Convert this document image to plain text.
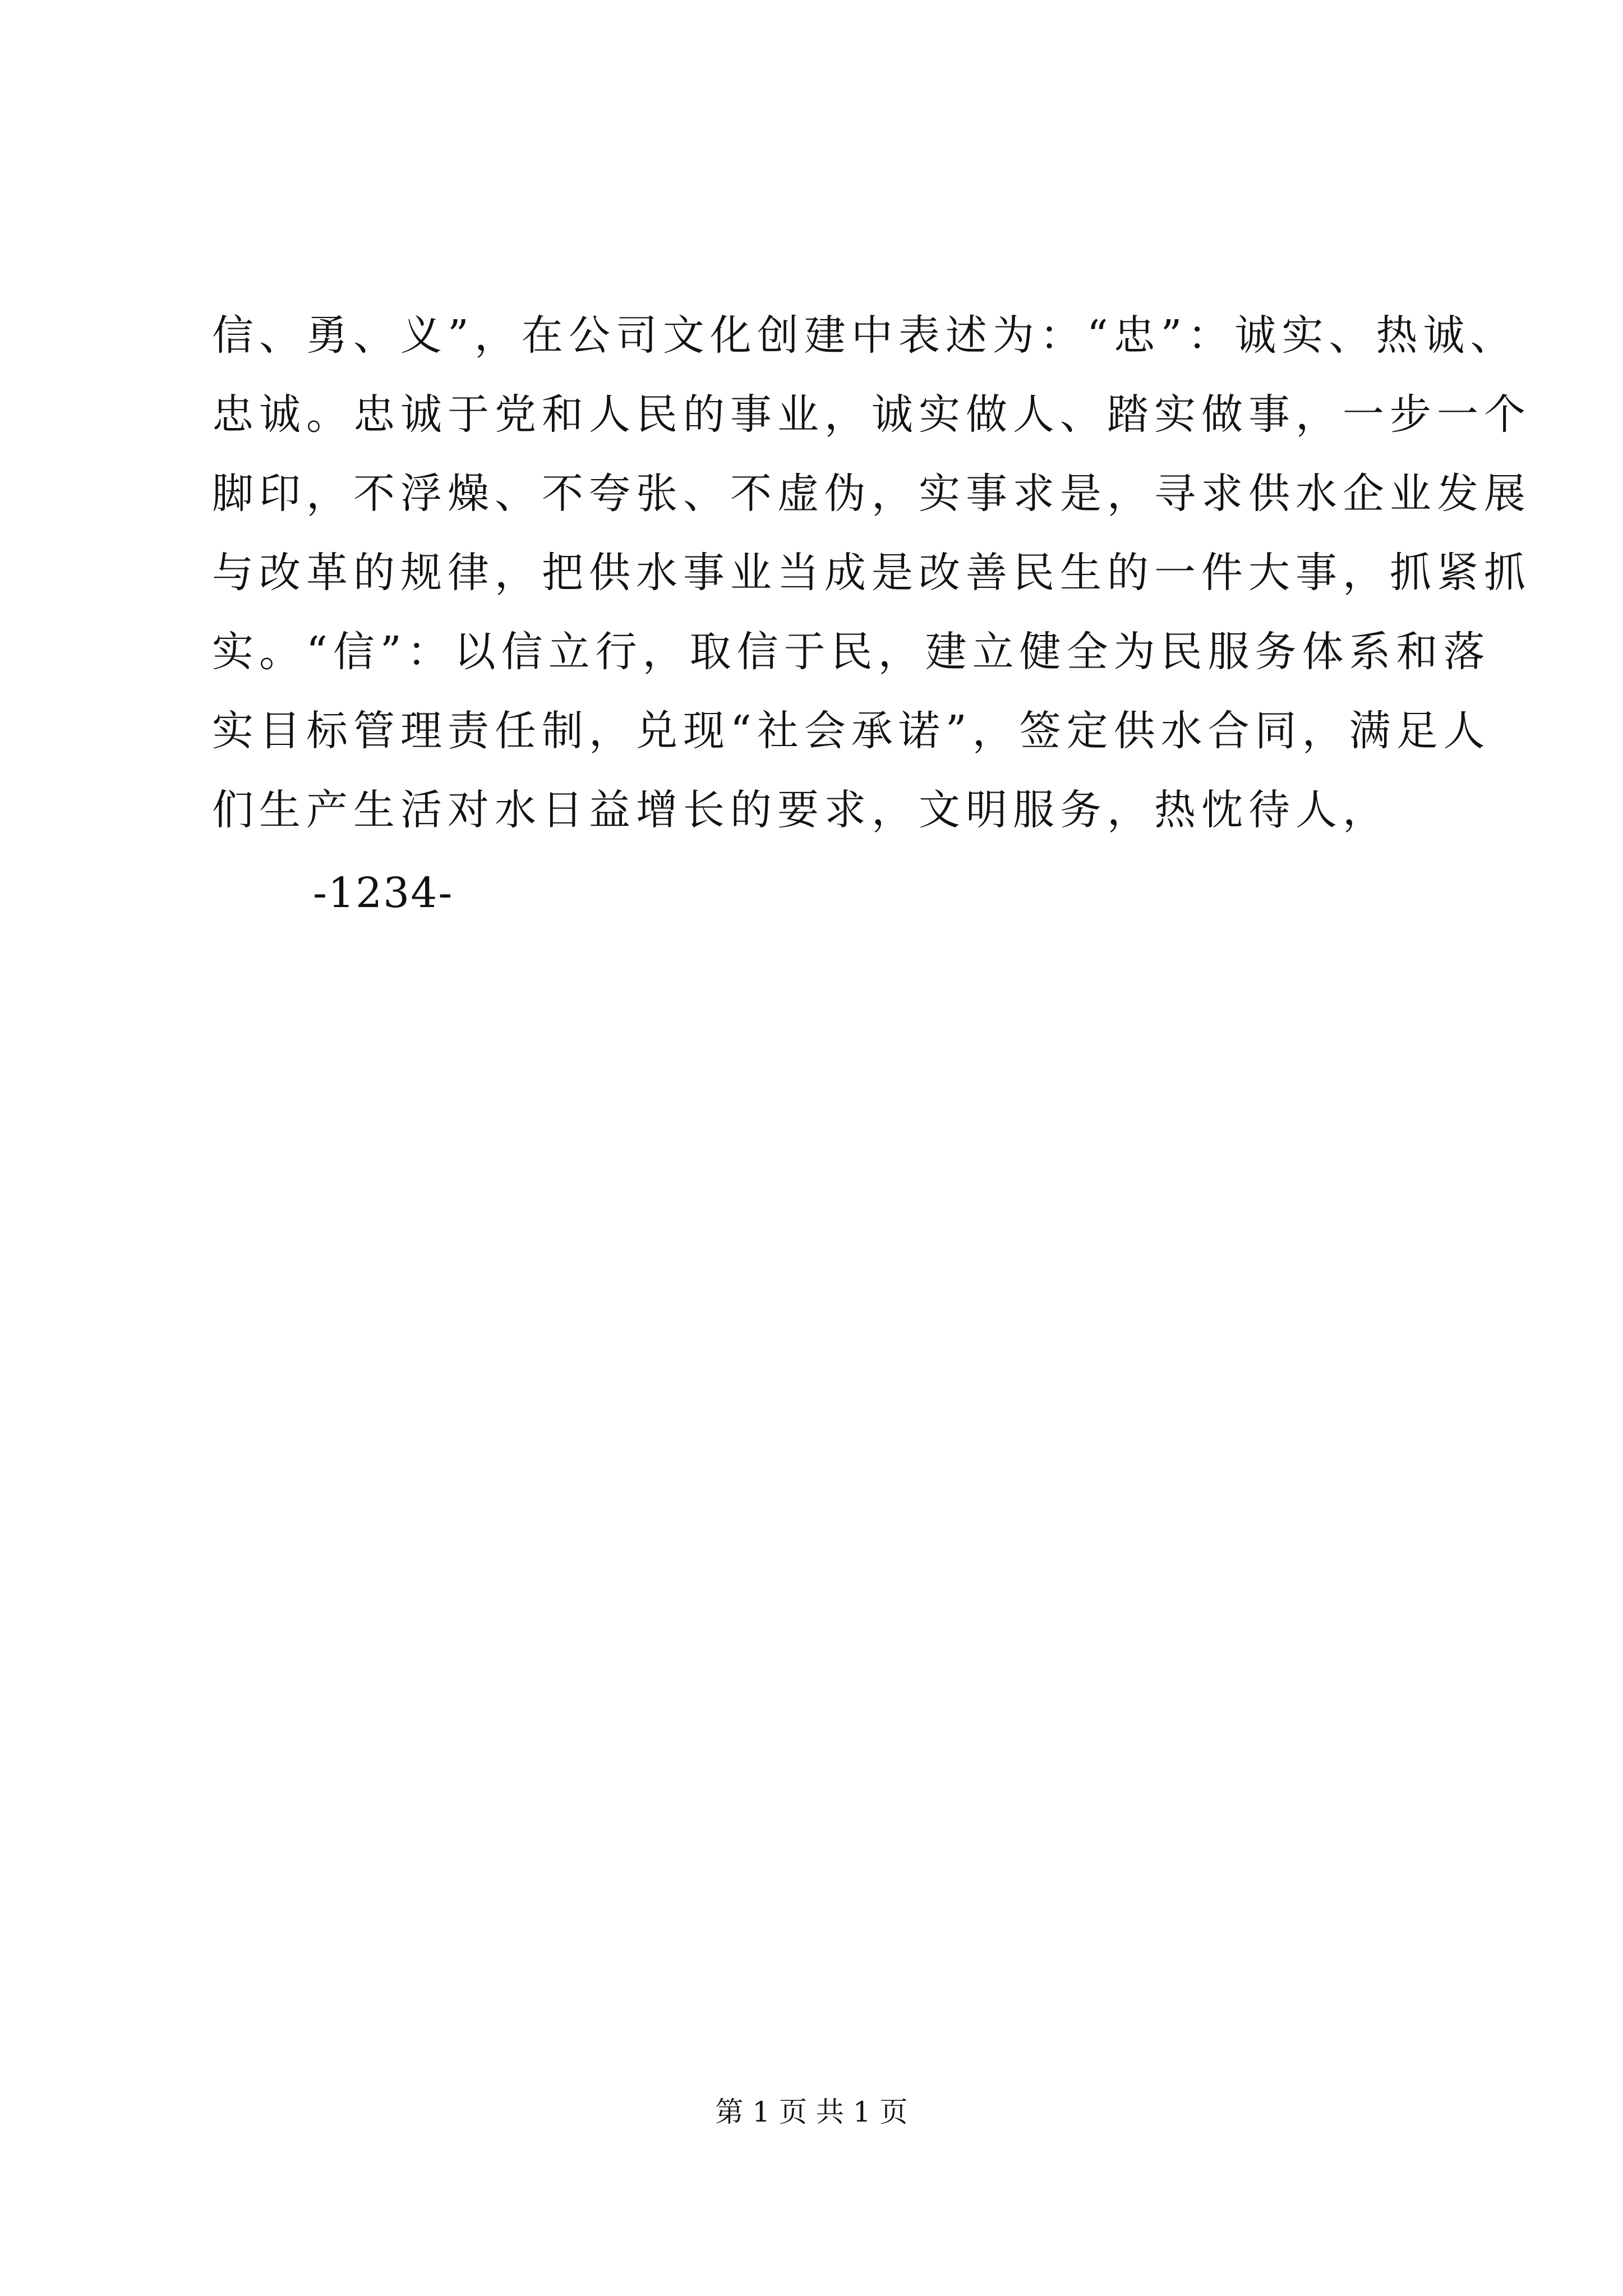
信、勇、义”，在公司文化创建中表述为：“忠”：诚实、热诚、
忠诚。忠诚于党和人民的事业，诚实做人、踏实做事，一步一个
脚印，不浮燥、不夸张、不虚伪，实事求是，寻求供水企业发展
与改革的规律，把供水事业当成是改善民生的一件大事，抓紧抓
实。“信”：以信立行，取信于民，建立健全为民服务体系和落
实目标管理责任制，兑现“社会承诺”，签定供水合同，满足人
们生产生活对水日益增长的要求，文明服务，热忱待人，
-1234-
第 1 页 共 1 页
